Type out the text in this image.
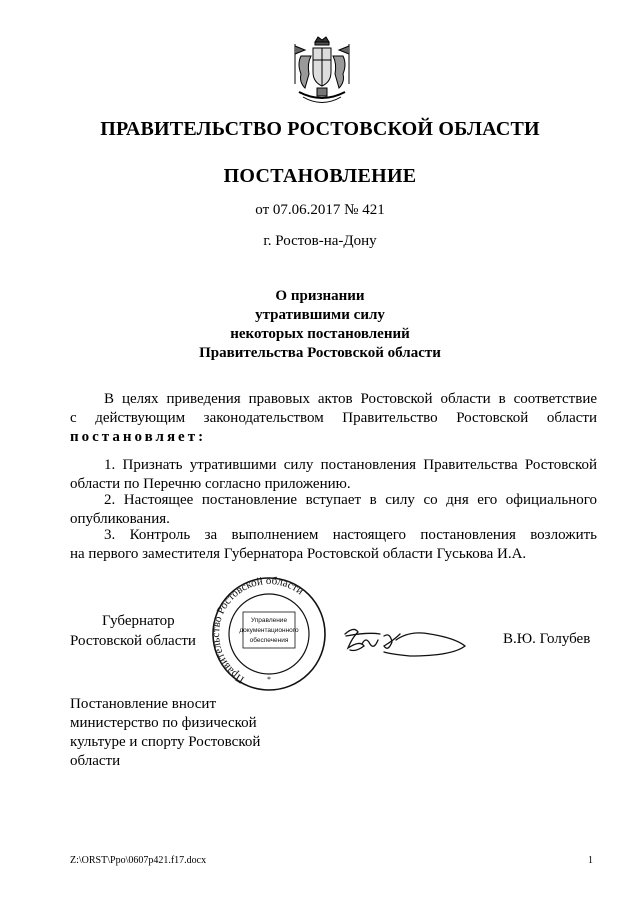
ПРАВИТЕЛЬСТВО РОСТОВСКОЙ ОБЛАСТИ
ПОСТАНОВЛЕНИЕ
от 07.06.2017 № 421
г. Ростов-на-Дону
О признании
утратившими силу
некоторых постановлений
Правительства Ростовской области
В целях приведения правовых актов Ростовской области в соответствие
с действующим законодательством Правительство Ростовской области
постановляет:
1. Признать утратившими силу постановления Правительства Ростовской
области по Перечню согласно приложению.
2. Настоящее постановление вступает в силу со дня его официального
опубликования.
3. Контроль за выполнением настоящего постановления возложить
на первого заместителя Губернатора Ростовской области Гуськова И.А.
Губернатор
Ростовской области
Правительство Ростовской области
Управление
документационного
обеспечения
*
В.Ю. Голубев
Постановление вносит
министерство по физической
культуре и спорту Ростовской
области
Z:\ORST\Ppo\0607p421.f17.docx	1
